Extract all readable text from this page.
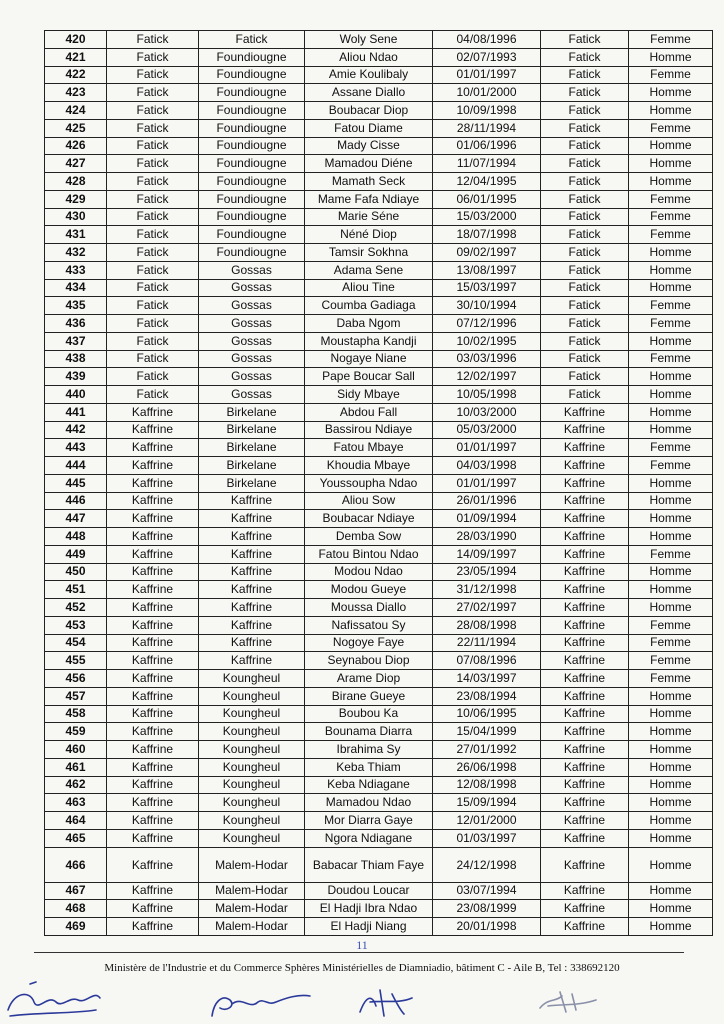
420	Fatick	Fatick	Woly Sene	04/08/1996	Fatick	Femme
421	Fatick	Foundiougne	Aliou Ndao	02/07/1993	Fatick	Homme
422	Fatick	Foundiougne	Amie Koulibaly	01/01/1997	Fatick	Femme
423	Fatick	Foundiougne	Assane Diallo	10/01/2000	Fatick	Homme
424	Fatick	Foundiougne	Boubacar Diop	10/09/1998	Fatick	Homme
425	Fatick	Foundiougne	Fatou Diame	28/11/1994	Fatick	Femme
426	Fatick	Foundiougne	Mady Cisse	01/06/1996	Fatick	Homme
427	Fatick	Foundiougne	Mamadou Diéne	11/07/1994	Fatick	Homme
428	Fatick	Foundiougne	Mamath Seck	12/04/1995	Fatick	Homme
429	Fatick	Foundiougne	Mame Fafa Ndiaye	06/01/1995	Fatick	Femme
430	Fatick	Foundiougne	Marie Séne	15/03/2000	Fatick	Femme
431	Fatick	Foundiougne	Néné Diop	18/07/1998	Fatick	Femme
432	Fatick	Foundiougne	Tamsir Sokhna	09/02/1997	Fatick	Homme
433	Fatick	Gossas	Adama Sene	13/08/1997	Fatick	Homme
434	Fatick	Gossas	Aliou Tine	15/03/1997	Fatick	Homme
435	Fatick	Gossas	Coumba Gadiaga	30/10/1994	Fatick	Femme
436	Fatick	Gossas	Daba Ngom	07/12/1996	Fatick	Femme
437	Fatick	Gossas	Moustapha Kandji	10/02/1995	Fatick	Homme
438	Fatick	Gossas	Nogaye Niane	03/03/1996	Fatick	Femme
439	Fatick	Gossas	Pape Boucar Sall	12/02/1997	Fatick	Homme
440	Fatick	Gossas	Sidy Mbaye	10/05/1998	Fatick	Homme
441	Kaffrine	Birkelane	Abdou Fall	10/03/2000	Kaffrine	Homme
442	Kaffrine	Birkelane	Bassirou Ndiaye	05/03/2000	Kaffrine	Homme
443	Kaffrine	Birkelane	Fatou Mbaye	01/01/1997	Kaffrine	Femme
444	Kaffrine	Birkelane	Khoudia Mbaye	04/03/1998	Kaffrine	Femme
445	Kaffrine	Birkelane	Youssoupha Ndao	01/01/1997	Kaffrine	Homme
446	Kaffrine	Kaffrine	Aliou Sow	26/01/1996	Kaffrine	Homme
447	Kaffrine	Kaffrine	Boubacar Ndiaye	01/09/1994	Kaffrine	Homme
448	Kaffrine	Kaffrine	Demba Sow	28/03/1990	Kaffrine	Homme
449	Kaffrine	Kaffrine	Fatou Bintou Ndao	14/09/1997	Kaffrine	Femme
450	Kaffrine	Kaffrine	Modou Ndao	23/05/1994	Kaffrine	Homme
451	Kaffrine	Kaffrine	Modou Gueye	31/12/1998	Kaffrine	Homme
452	Kaffrine	Kaffrine	Moussa Diallo	27/02/1997	Kaffrine	Homme
453	Kaffrine	Kaffrine	Nafissatou Sy	28/08/1998	Kaffrine	Femme
454	Kaffrine	Kaffrine	Nogoye Faye	22/11/1994	Kaffrine	Femme
455	Kaffrine	Kaffrine	Seynabou Diop	07/08/1996	Kaffrine	Femme
456	Kaffrine	Koungheul	Arame Diop	14/03/1997	Kaffrine	Femme
457	Kaffrine	Koungheul	Birane Gueye	23/08/1994	Kaffrine	Homme
458	Kaffrine	Koungheul	Boubou Ka	10/06/1995	Kaffrine	Homme
459	Kaffrine	Koungheul	Bounama Diarra	15/04/1999	Kaffrine	Homme
460	Kaffrine	Koungheul	Ibrahima Sy	27/01/1992	Kaffrine	Homme
461	Kaffrine	Koungheul	Keba Thiam	26/06/1998	Kaffrine	Homme
462	Kaffrine	Koungheul	Keba Ndiagane	12/08/1998	Kaffrine	Homme
463	Kaffrine	Koungheul	Mamadou Ndao	15/09/1994	Kaffrine	Homme
464	Kaffrine	Koungheul	Mor Diarra Gaye	12/01/2000	Kaffrine	Homme
465	Kaffrine	Koungheul	Ngora Ndiagane	01/03/1997	Kaffrine	Homme
466	Kaffrine	Malem-Hodar	Babacar Thiam Faye	24/12/1998	Kaffrine	Homme
467	Kaffrine	Malem-Hodar	Doudou Loucar	03/07/1994	Kaffrine	Homme
468	Kaffrine	Malem-Hodar	El Hadji Ibra Ndao	23/08/1999	Kaffrine	Homme
469	Kaffrine	Malem-Hodar	El Hadji Niang	20/01/1998	Kaffrine	Homme
11
Ministère de l'Industrie et du Commerce Sphères Ministérielles de Diamniadio, bâtiment C - Aile B, Tel : 338692120
